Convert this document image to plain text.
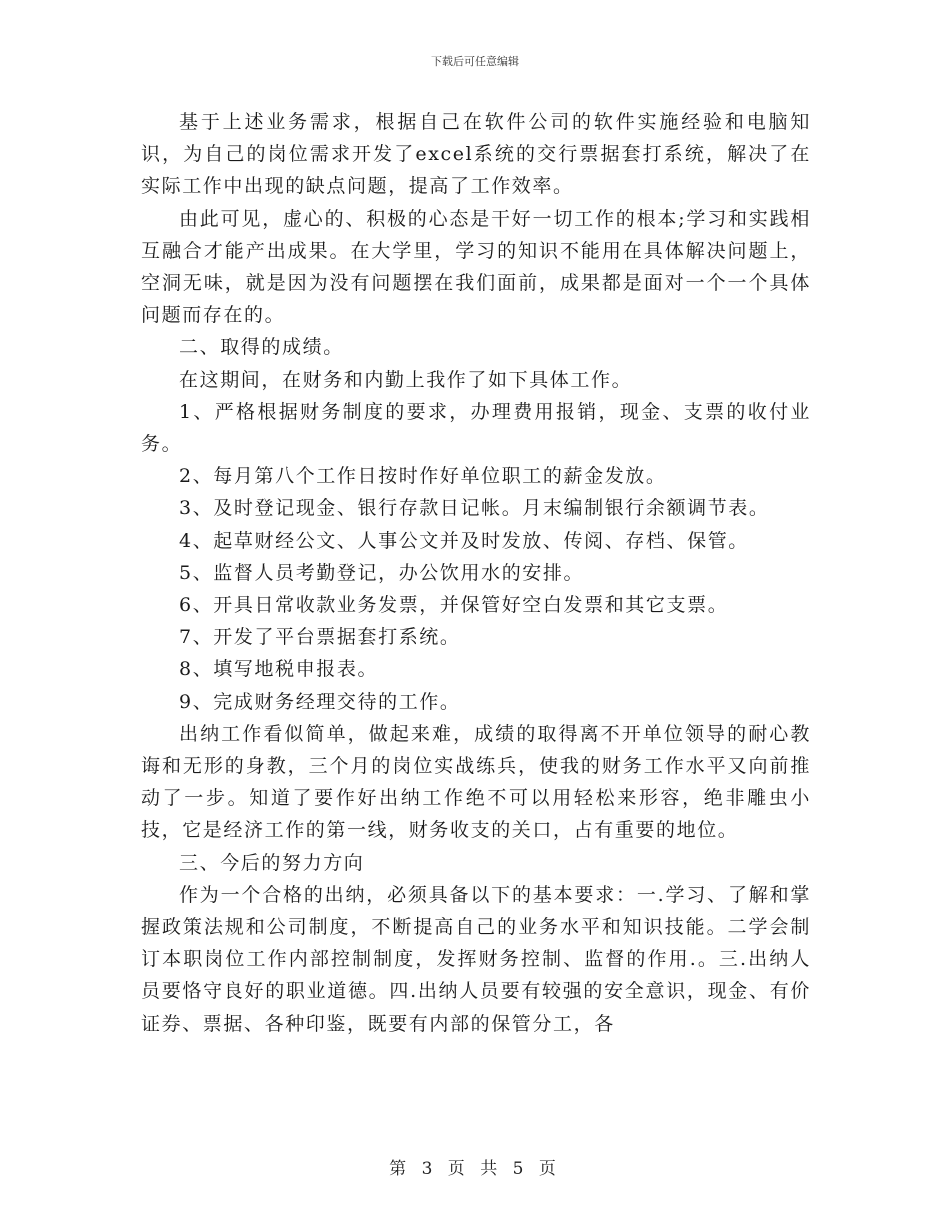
下载后可任意编辑

基于上述业务需求，根据自己在软件公司的软件实施经验和电脑知识，为自己的岗位需求开发了excel系统的交行票据套打系统，解决了在实际工作中出现的缺点问题，提高了工作效率。

由此可见，虚心的、积极的心态是干好一切工作的根本;学习和实践相互融合才能产出成果。在大学里，学习的知识不能用在具体解决问题上，空洞无味，就是因为没有问题摆在我们面前，成果都是面对一个一个具体问题而存在的。

二、取得的成绩。

在这期间，在财务和内勤上我作了如下具体工作。

1、严格根据财务制度的要求，办理费用报销，现金、支票的收付业务。

2、每月第八个工作日按时作好单位职工的薪金发放。

3、及时登记现金、银行存款日记帐。月末编制银行余额调节表。

4、起草财经公文、人事公文并及时发放、传阅、存档、保管。

5、监督人员考勤登记，办公饮用水的安排。

6、开具日常收款业务发票，并保管好空白发票和其它支票。

7、开发了平台票据套打系统。

8、填写地税申报表。

9、完成财务经理交待的工作。

出纳工作看似简单，做起来难，成绩的取得离不开单位领导的耐心教诲和无形的身教，三个月的岗位实战练兵，使我的财务工作水平又向前推动了一步。知道了要作好出纳工作绝不可以用轻松来形容，绝非雕虫小技，它是经济工作的第一线，财务收支的关口，占有重要的地位。

三、今后的努力方向

作为一个合格的出纳，必须具备以下的基本要求：一.学习、了解和掌握政策法规和公司制度，不断提高自己的业务水平和知识技能。二学会制订本职岗位工作内部控制制度，发挥财务控制、监督的作用.。三.出纳人员要恪守良好的职业道德。四.出纳人员要有较强的安全意识，现金、有价证券、票据、各种印鉴，既要有内部的保管分工，各

第 3 页 共 5 页
